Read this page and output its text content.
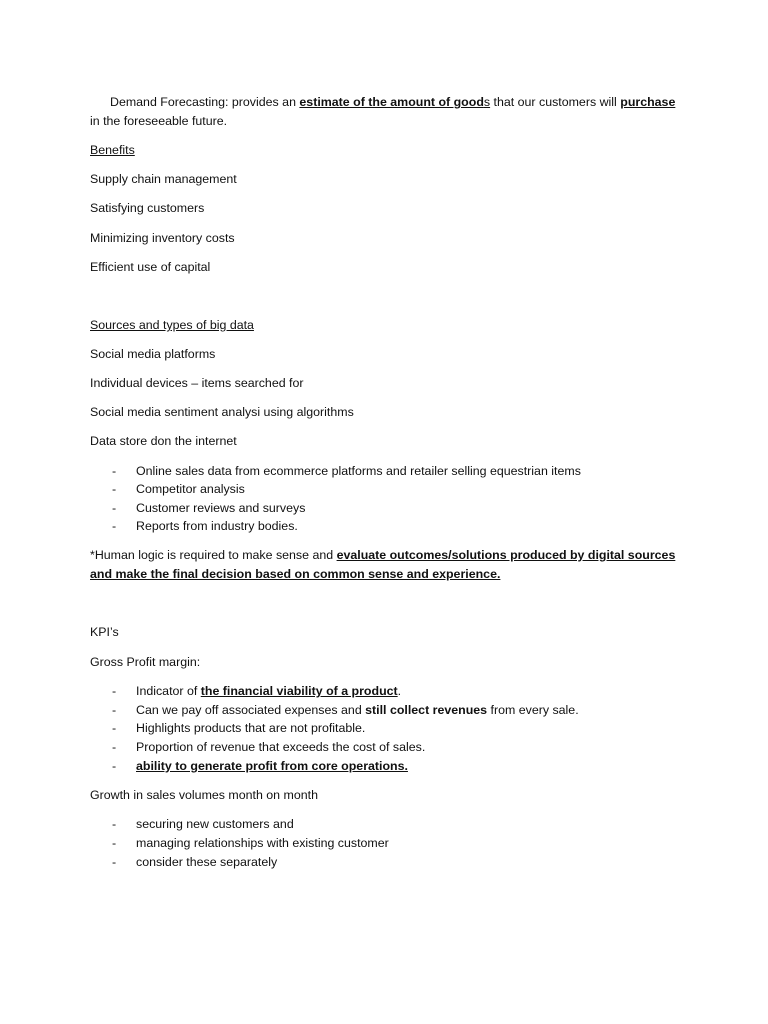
Demand Forecasting: provides an estimate of the amount of goods that our customers will purchase
in the foreseeable future.
Benefits
Supply chain management
Satisfying customers
Minimizing inventory costs
Efficient use of capital
Sources and types of big data
Social media platforms
Individual devices – items searched for
Social media sentiment analysi using algorithms
Data store don the internet
- Online sales data from ecommerce platforms and retailer selling equestrian items
- Competitor analysis
- Customer reviews and surveys
- Reports from industry bodies.
*Human logic is required to make sense and evaluate outcomes/solutions produced by digital sources
and make the final decision based on common sense and experience.
KPI’s
Gross Profit margin:
- Indicator of the financial viability of a product.
- Can we pay off associated expenses and still collect revenues from every sale.
- Highlights products that are not profitable.
- Proportion of revenue that exceeds the cost of sales.
- ability to generate profit from core operations.
Growth in sales volumes month on month
- securing new customers and
- managing relationships with existing customer
- consider these separately
